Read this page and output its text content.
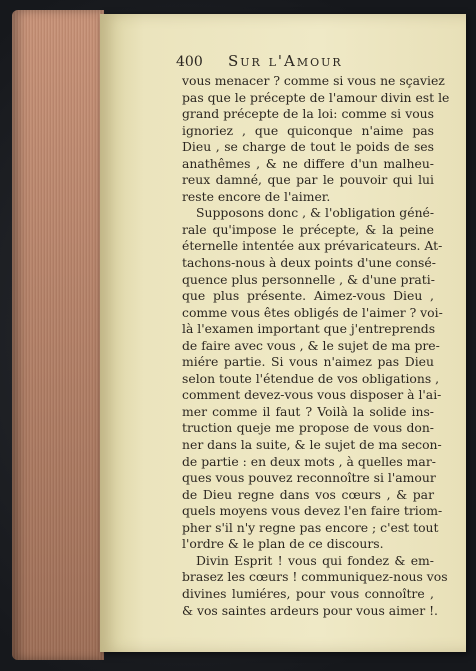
400 Sur l'Amour
vous menacer ? comme si vous ne sçaviez
pas que le précepte de l'amour divin est le
grand précepte de la loi: comme si vous
ignoriez , que quiconque n'aime pas
Dieu , se charge de tout le poids de ses
anathêmes , & ne differe d'un malheu-
reux damné, que par le pouvoir qui lui
reste encore de l'aimer.
Supposons donc , & l'obligation géné-
rale qu'impose le précepte, & la peine
éternelle intentée aux prévaricateurs. At-
tachons-nous à deux points d'une consé-
quence plus personnelle , & d'une prati-
que plus présente. Aimez-vous Dieu ,
comme vous êtes obligés de l'aimer ? voi-
là l'examen important que j'entreprends
de faire avec vous , & le sujet de ma pre-
miére partie. Si vous n'aimez pas Dieu
selon toute l'étendue de vos obligations ,
comment devez-vous vous disposer à l'ai-
mer comme il faut ? Voilà la solide ins-
truction queje me propose de vous don-
ner dans la suite, & le sujet de ma secon-
de partie : en deux mots , à quelles mar-
ques vous pouvez reconnoître si l'amour
de Dieu regne dans vos cœurs , & par
quels moyens vous devez l'en faire triom-
pher s'il n'y regne pas encore ; c'est tout
l'ordre & le plan de ce discours.
Divin Esprit ! vous qui fondez & em-
brasez les cœurs ! communiquez-nous vos
divines lumiéres, pour vous connoître ,
& vos saintes ardeurs pour vous aimer !.
